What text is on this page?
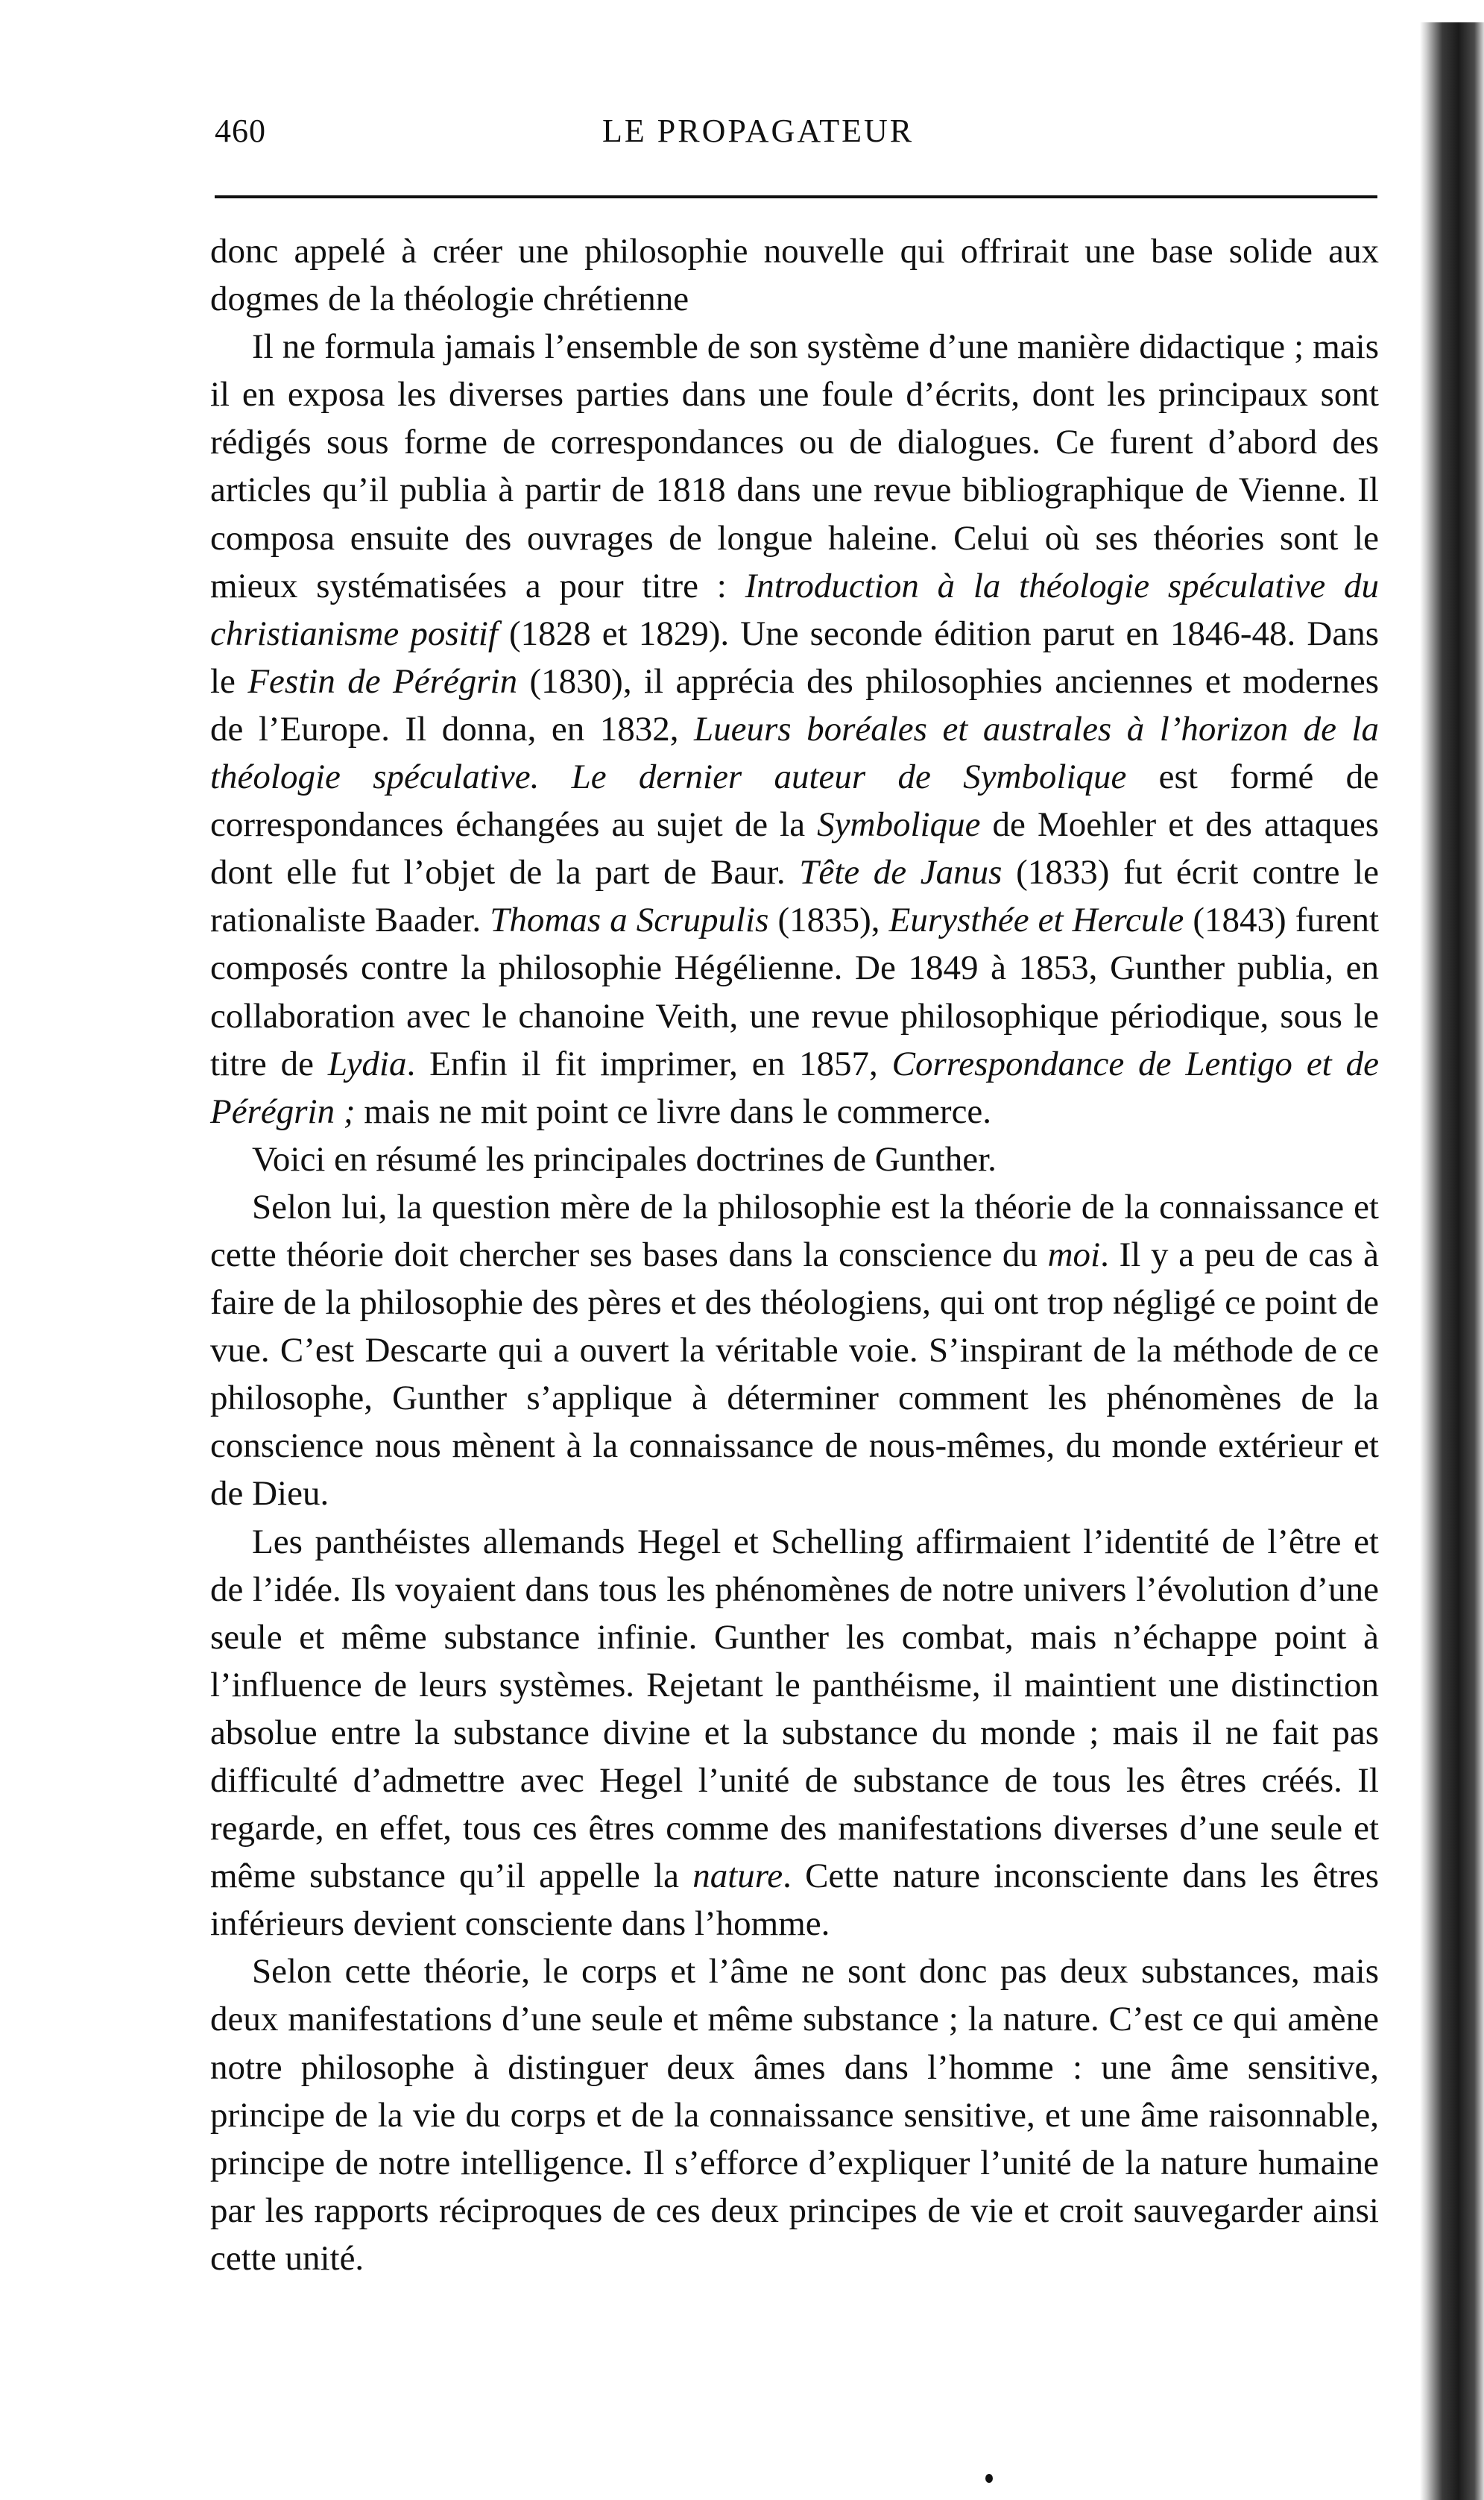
460	LE PROPAGATEUR

donc appelé à créer une philosophie nouvelle qui offrirait une base solide aux dogmes de la théologie chrétienne

Il ne formula jamais l’ensemble de son système d’une manière didactique ; mais il en exposa les diverses parties dans une foule d’écrits, dont les principaux sont rédigés sous forme de correspondances ou de dialogues. Ce furent d’abord des articles qu’il publia à partir de 1818 dans une revue bibliographique de Vienne. Il composa ensuite des ouvrages de longue haleine. Celui où ses théories sont le mieux systématisées a pour titre : Introduction à la théologie spéculative du christianisme positif (1828 et 1829). Une seconde édition parut en 1846-48. Dans le Festin de Pérégrin (1830), il apprécia des philosophies anciennes et modernes de l’Europe. Il donna, en 1832, Lueurs boréales et australes à l’horizon de la théologie spéculative. Le dernier auteur de Symbolique est formé de correspondances échangées au sujet de la Symbolique de Moehler et des attaques dont elle fut l’objet de la part de Baur. Tête de Janus (1833) fut écrit contre le rationaliste Baader. Thomas a Scrupulis (1835), Eurysthée et Hercule (1843) furent composés contre la philosophie Hégélienne. De 1849 à 1853, Gunther publia, en collaboration avec le chanoine Veith, une revue philosophique périodique, sous le titre de Lydia. Enfin il fit imprimer, en 1857, Correspondance de Lentigo et de Pérégrin ; mais ne mit point ce livre dans le commerce.

Voici en résumé les principales doctrines de Gunther.

Selon lui, la question mère de la philosophie est la théorie de la connaissance et cette théorie doit chercher ses bases dans la conscience du moi. Il y a peu de cas à faire de la philosophie des pères et des théologiens, qui ont trop négligé ce point de vue. C’est Descarte qui a ouvert la véritable voie. S’inspirant de la méthode de ce philosophe, Gunther s’applique à déterminer comment les phénomènes de la conscience nous mènent à la connaissance de nous-mêmes, du monde extérieur et de Dieu.

Les panthéistes allemands Hegel et Schelling affirmaient l’identité de l’être et de l’idée. Ils voyaient dans tous les phénomènes de notre univers l’évolution d’une seule et même substance infinie. Gunther les combat, mais n’échappe point à l’influence de leurs systèmes. Rejetant le panthéisme, il maintient une distinction absolue entre la substance divine et la substance du monde ; mais il ne fait pas difficulté d’admettre avec Hegel l’unité de substance de tous les êtres créés. Il regarde, en effet, tous ces êtres comme des manifestations diverses d’une seule et même substance qu’il appelle la nature. Cette nature inconsciente dans les êtres inférieurs devient consciente dans l’homme.

Selon cette théorie, le corps et l’âme ne sont donc pas deux substances, mais deux manifestations d’une seule et même substance ; la nature. C’est ce qui amène notre philosophe à distinguer deux âmes dans l’homme : une âme sensitive, principe de la vie du corps et de la connaissance sensitive, et une âme raisonnable, principe de notre intelligence. Il s’efforce d’expliquer l’unité de la nature humaine par les rapports réciproques de ces deux principes de vie et croit sauvegarder ainsi cette unité.
